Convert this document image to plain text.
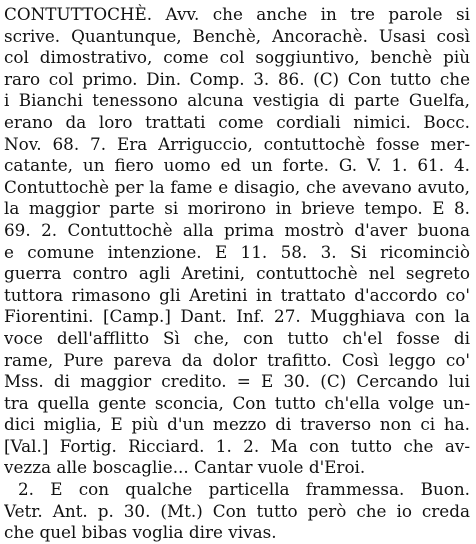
CONTUTTOCHÈ. Avv. che anche in tre parole si
scrive. Quantunque, Benchè, Ancorachè. Usasi così
col dimostrativo, come col soggiuntivo, benchè più
raro col primo. Din. Comp. 3. 86. (C) Con tutto che
i Bianchi tenessono alcuna vestigia di parte Guelfa,
erano da loro trattati come cordiali nimici. Bocc.
Nov. 68. 7. Era Arriguccio, contuttochè fosse mer-
catante, un fiero uomo ed un forte. G. V. 1. 61. 4.
Contuttochè per la fame e disagio, che avevano avuto,
la maggior parte si morirono in brieve tempo. E 8.
69. 2. Contuttochè alla prima mostrò d'aver buona
e comune intenzione. E 11. 58. 3. Si ricominciò
guerra contro agli Aretini, contuttochè nel segreto
tuttora rimasono gli Aretini in trattato d'accordo co'
Fiorentini. [Camp.] Dant. Inf. 27. Mugghiava con la
voce dell'afflitto Sì che, con tutto ch'el fosse di
rame, Pure pareva da dolor trafitto. Così leggo co'
Mss. di maggior credito. = E 30. (C) Cercando lui
tra quella gente sconcia, Con tutto ch'ella volge un-
dici miglia, E più d'un mezzo di traverso non ci ha.
[Val.] Fortig. Ricciard. 1. 2. Ma con tutto che av-
vezza alle boscaglie... Cantar vuole d'Eroi.
2. E con qualche particella frammessa. Buon.
Vetr. Ant. p. 30. (Mt.) Con tutto però che io creda
che quel bibas voglia dire vivas.
